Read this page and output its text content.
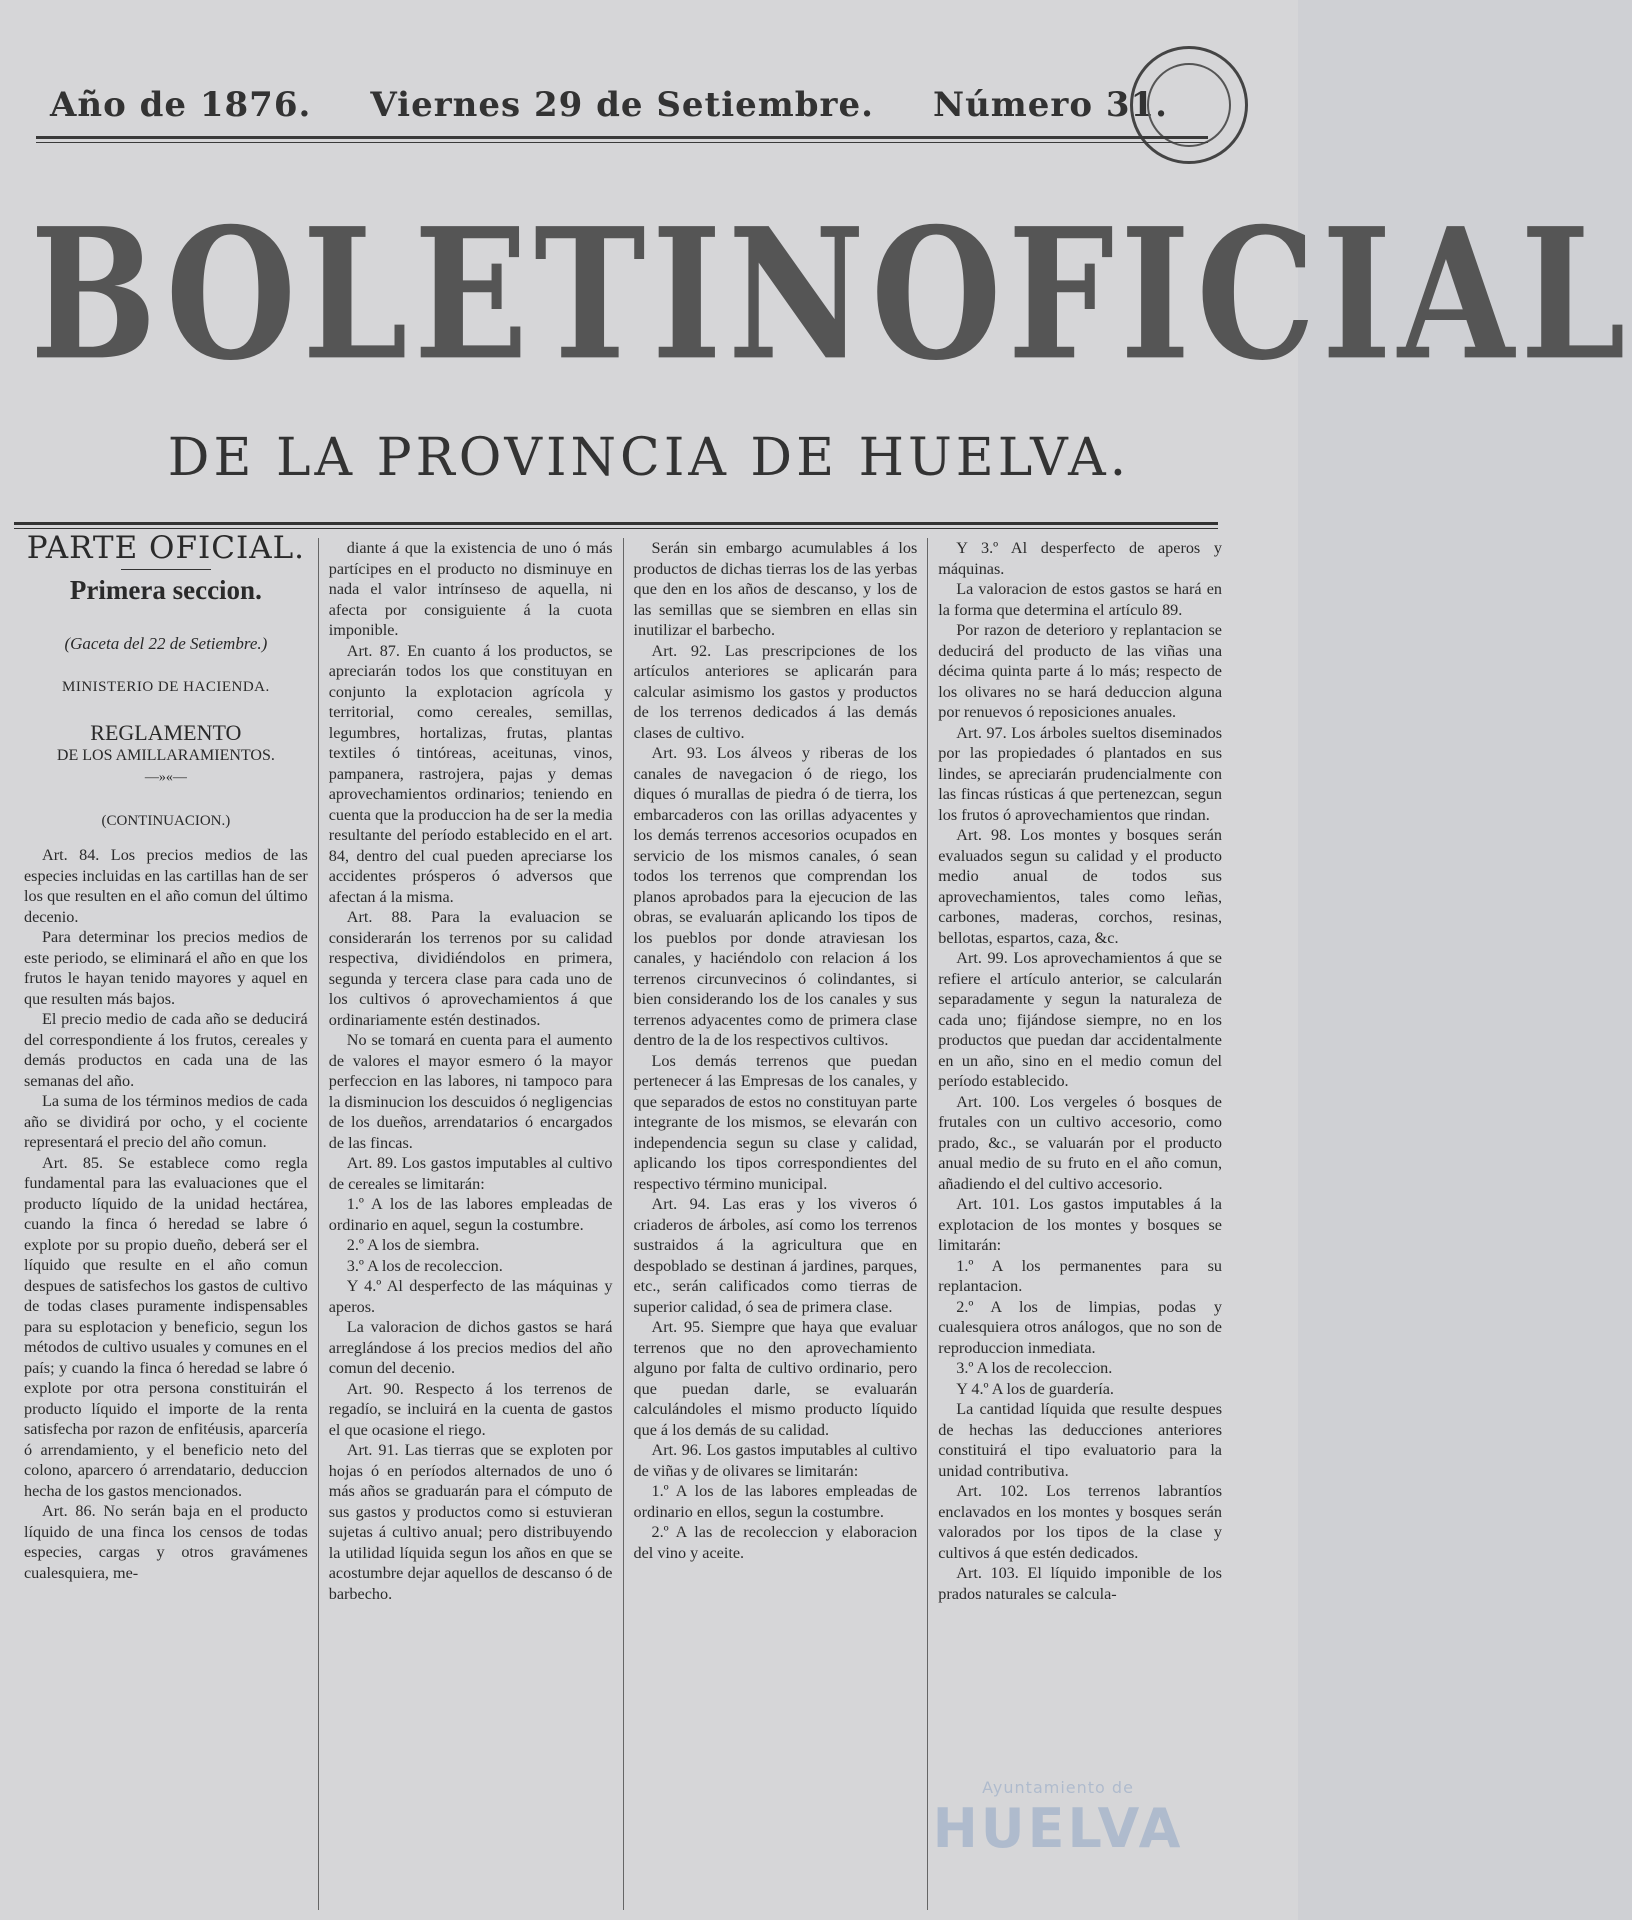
Año de 1876. Viernes 29 de Setiembre. Número 31.
BOLETIN OFICIAL
DE LA PROVINCIA DE HUELVA.
PARTE OFICIAL.
Primera seccion.
(Gaceta del 22 de Setiembre.)
MINISTERIO DE HACIENDA.
REGLAMENTO
DE LOS AMILLARAMIENTOS.
—»«—
(CONTINUACION.)

Art. 84. Los precios medios de las especies incluidas en las cartillas han de ser los que resulten en el año comun del último decenio.

Para determinar los precios medios de este periodo, se eliminará el año en que los frutos le hayan tenido mayores y aquel en que resulten más bajos.

El precio medio de cada año se deducirá del correspondiente á los frutos, cereales y demás productos en cada una de las semanas del año.

La suma de los términos medios de cada año se dividirá por ocho, y el cociente representará el precio del año comun.

Art. 85. Se establece como regla fundamental para las evaluaciones que el producto líquido de la unidad hectárea, cuando la finca ó heredad se labre ó explote por su propio dueño, deberá ser el líquido que resulte en el año comun despues de satisfechos los gastos de cultivo de todas clases puramente indispensables para su esplotacion y beneficio, segun los métodos de cultivo usuales y comunes en el país; y cuando la finca ó heredad se labre ó explote por otra persona constituirán el producto líquido el importe de la renta satisfecha por razon de enfitéusis, aparcería ó arrendamiento, y el beneficio neto del colono, aparcero ó arrendatario, deduccion hecha de los gastos mencionados.

Art. 86. No serán baja en el producto líquido de una finca los censos de todas especies, cargas y otros gravámenes cualesquiera, me-

diante á que la existencia de uno ó más partícipes en el producto no disminuye en nada el valor intrínseso de aquella, ni afecta por consiguiente á la cuota imponible.

Art. 87. En cuanto á los productos, se apreciarán todos los que constituyan en conjunto la explotacion agrícola y territorial, como cereales, semillas, legumbres, hortalizas, frutas, plantas textiles ó tintóreas, aceitunas, vinos, pampanera, rastrojera, pajas y demas aprovechamientos ordinarios; teniendo en cuenta que la produccion ha de ser la media resultante del período establecido en el art. 84, dentro del cual pueden apreciarse los accidentes prósperos ó adversos que afectan á la misma.

Art. 88. Para la evaluacion se considerarán los terrenos por su calidad respectiva, dividiéndolos en primera, segunda y tercera clase para cada uno de los cultivos ó aprovechamientos á que ordinariamente estén destinados.

No se tomará en cuenta para el aumento de valores el mayor esmero ó la mayor perfeccion en las labores, ni tampoco para la disminucion los descuidos ó negligencias de los dueños, arrendatarios ó encargados de las fincas.

Art. 89. Los gastos imputables al cultivo de cereales se limitarán:

1.º A los de las labores empleadas de ordinario en aquel, segun la costumbre.

2.º A los de siembra.

3.º A los de recoleccion.

Y 4.º Al desperfecto de las máquinas y aperos.

La valoracion de dichos gastos se hará arreglándose á los precios medios del año comun del decenio.

Art. 90. Respecto á los terrenos de regadío, se incluirá en la cuenta de gastos el que ocasione el riego.

Art. 91. Las tierras que se exploten por hojas ó en períodos alternados de uno ó más años se graduarán para el cómputo de sus gastos y productos como si estuvieran sujetas á cultivo anual; pero distribuyendo la utilidad líquida segun los años en que se acostumbre dejar aquellos de descanso ó de barbecho.

Serán sin embargo acumulables á los productos de dichas tierras los de las yerbas que den en los años de descanso, y los de las semillas que se siembren en ellas sin inutilizar el barbecho.

Art. 92. Las prescripciones de los artículos anteriores se aplicarán para calcular asimismo los gastos y productos de los terrenos dedicados á las demás clases de cultivo.

Art. 93. Los álveos y riberas de los canales de navegacion ó de riego, los diques ó murallas de piedra ó de tierra, los embarcaderos con las orillas adyacentes y los demás terrenos accesorios ocupados en servicio de los mismos canales, ó sean todos los terrenos que comprendan los planos aprobados para la ejecucion de las obras, se evaluarán aplicando los tipos de los pueblos por donde atraviesan los canales, y haciéndolo con relacion á los terrenos circunvecinos ó colindantes, si bien considerando los de los canales y sus terrenos adyacentes como de primera clase dentro de la de los respectivos cultivos.

Los demás terrenos que puedan pertenecer á las Empresas de los canales, y que separados de estos no constituyan parte integrante de los mismos, se elevarán con independencia segun su clase y calidad, aplicando los tipos correspondientes del respectivo término municipal.

Art. 94. Las eras y los viveros ó criaderos de árboles, así como los terrenos sustraidos á la agricultura que en despoblado se destinan á jardines, parques, etc., serán calificados como tierras de superior calidad, ó sea de primera clase.

Art. 95. Siempre que haya que evaluar terrenos que no den aprovechamiento alguno por falta de cultivo ordinario, pero que puedan darle, se evaluarán calculándoles el mismo producto líquido que á los demás de su calidad.

Art. 96. Los gastos imputables al cultivo de viñas y de olivares se limitarán:

1.º A los de las labores empleadas de ordinario en ellos, segun la costumbre.

2.º A las de recoleccion y elaboracion del vino y aceite.

Y 3.º Al desperfecto de aperos y máquinas.

La valoracion de estos gastos se hará en la forma que determina el artículo 89.

Por razon de deterioro y replantacion se deducirá del producto de las viñas una décima quinta parte á lo más; respecto de los olivares no se hará deduccion alguna por renuevos ó reposiciones anuales.

Art. 97. Los árboles sueltos diseminados por las propiedades ó plantados en sus lindes, se apreciarán prudencialmente con las fincas rústicas á que pertenezcan, segun los frutos ó aprovechamientos que rindan.

Art. 98. Los montes y bosques serán evaluados segun su calidad y el producto medio anual de todos sus aprovechamientos, tales como leñas, carbones, maderas, corchos, resinas, bellotas, espartos, caza, &c.

Art. 99. Los aprovechamientos á que se refiere el artículo anterior, se calcularán separadamente y segun la naturaleza de cada uno; fijándose siempre, no en los productos que puedan dar accidentalmente en un año, sino en el medio comun del período establecido.

Art. 100. Los vergeles ó bosques de frutales con un cultivo accesorio, como prado, &c., se valuarán por el producto anual medio de su fruto en el año comun, añadiendo el del cultivo accesorio.

Art. 101. Los gastos imputables á la explotacion de los montes y bosques se limitarán:

1.º A los permanentes para su replantacion.

2.º A los de limpias, podas y cualesquiera otros análogos, que no son de reproduccion inmediata.

3.º A los de recoleccion.

Y 4.º A los de guardería.

La cantidad líquida que resulte despues de hechas las deducciones anteriores constituirá el tipo evaluatorio para la unidad contributiva.

Art. 102. Los terrenos labrantíos enclavados en los montes y bosques serán valorados por los tipos de la clase y cultivos á que estén dedicados.

Art. 103. El líquido imponible de los prados naturales se calcula-

Ayuntamiento de
HUELVA
